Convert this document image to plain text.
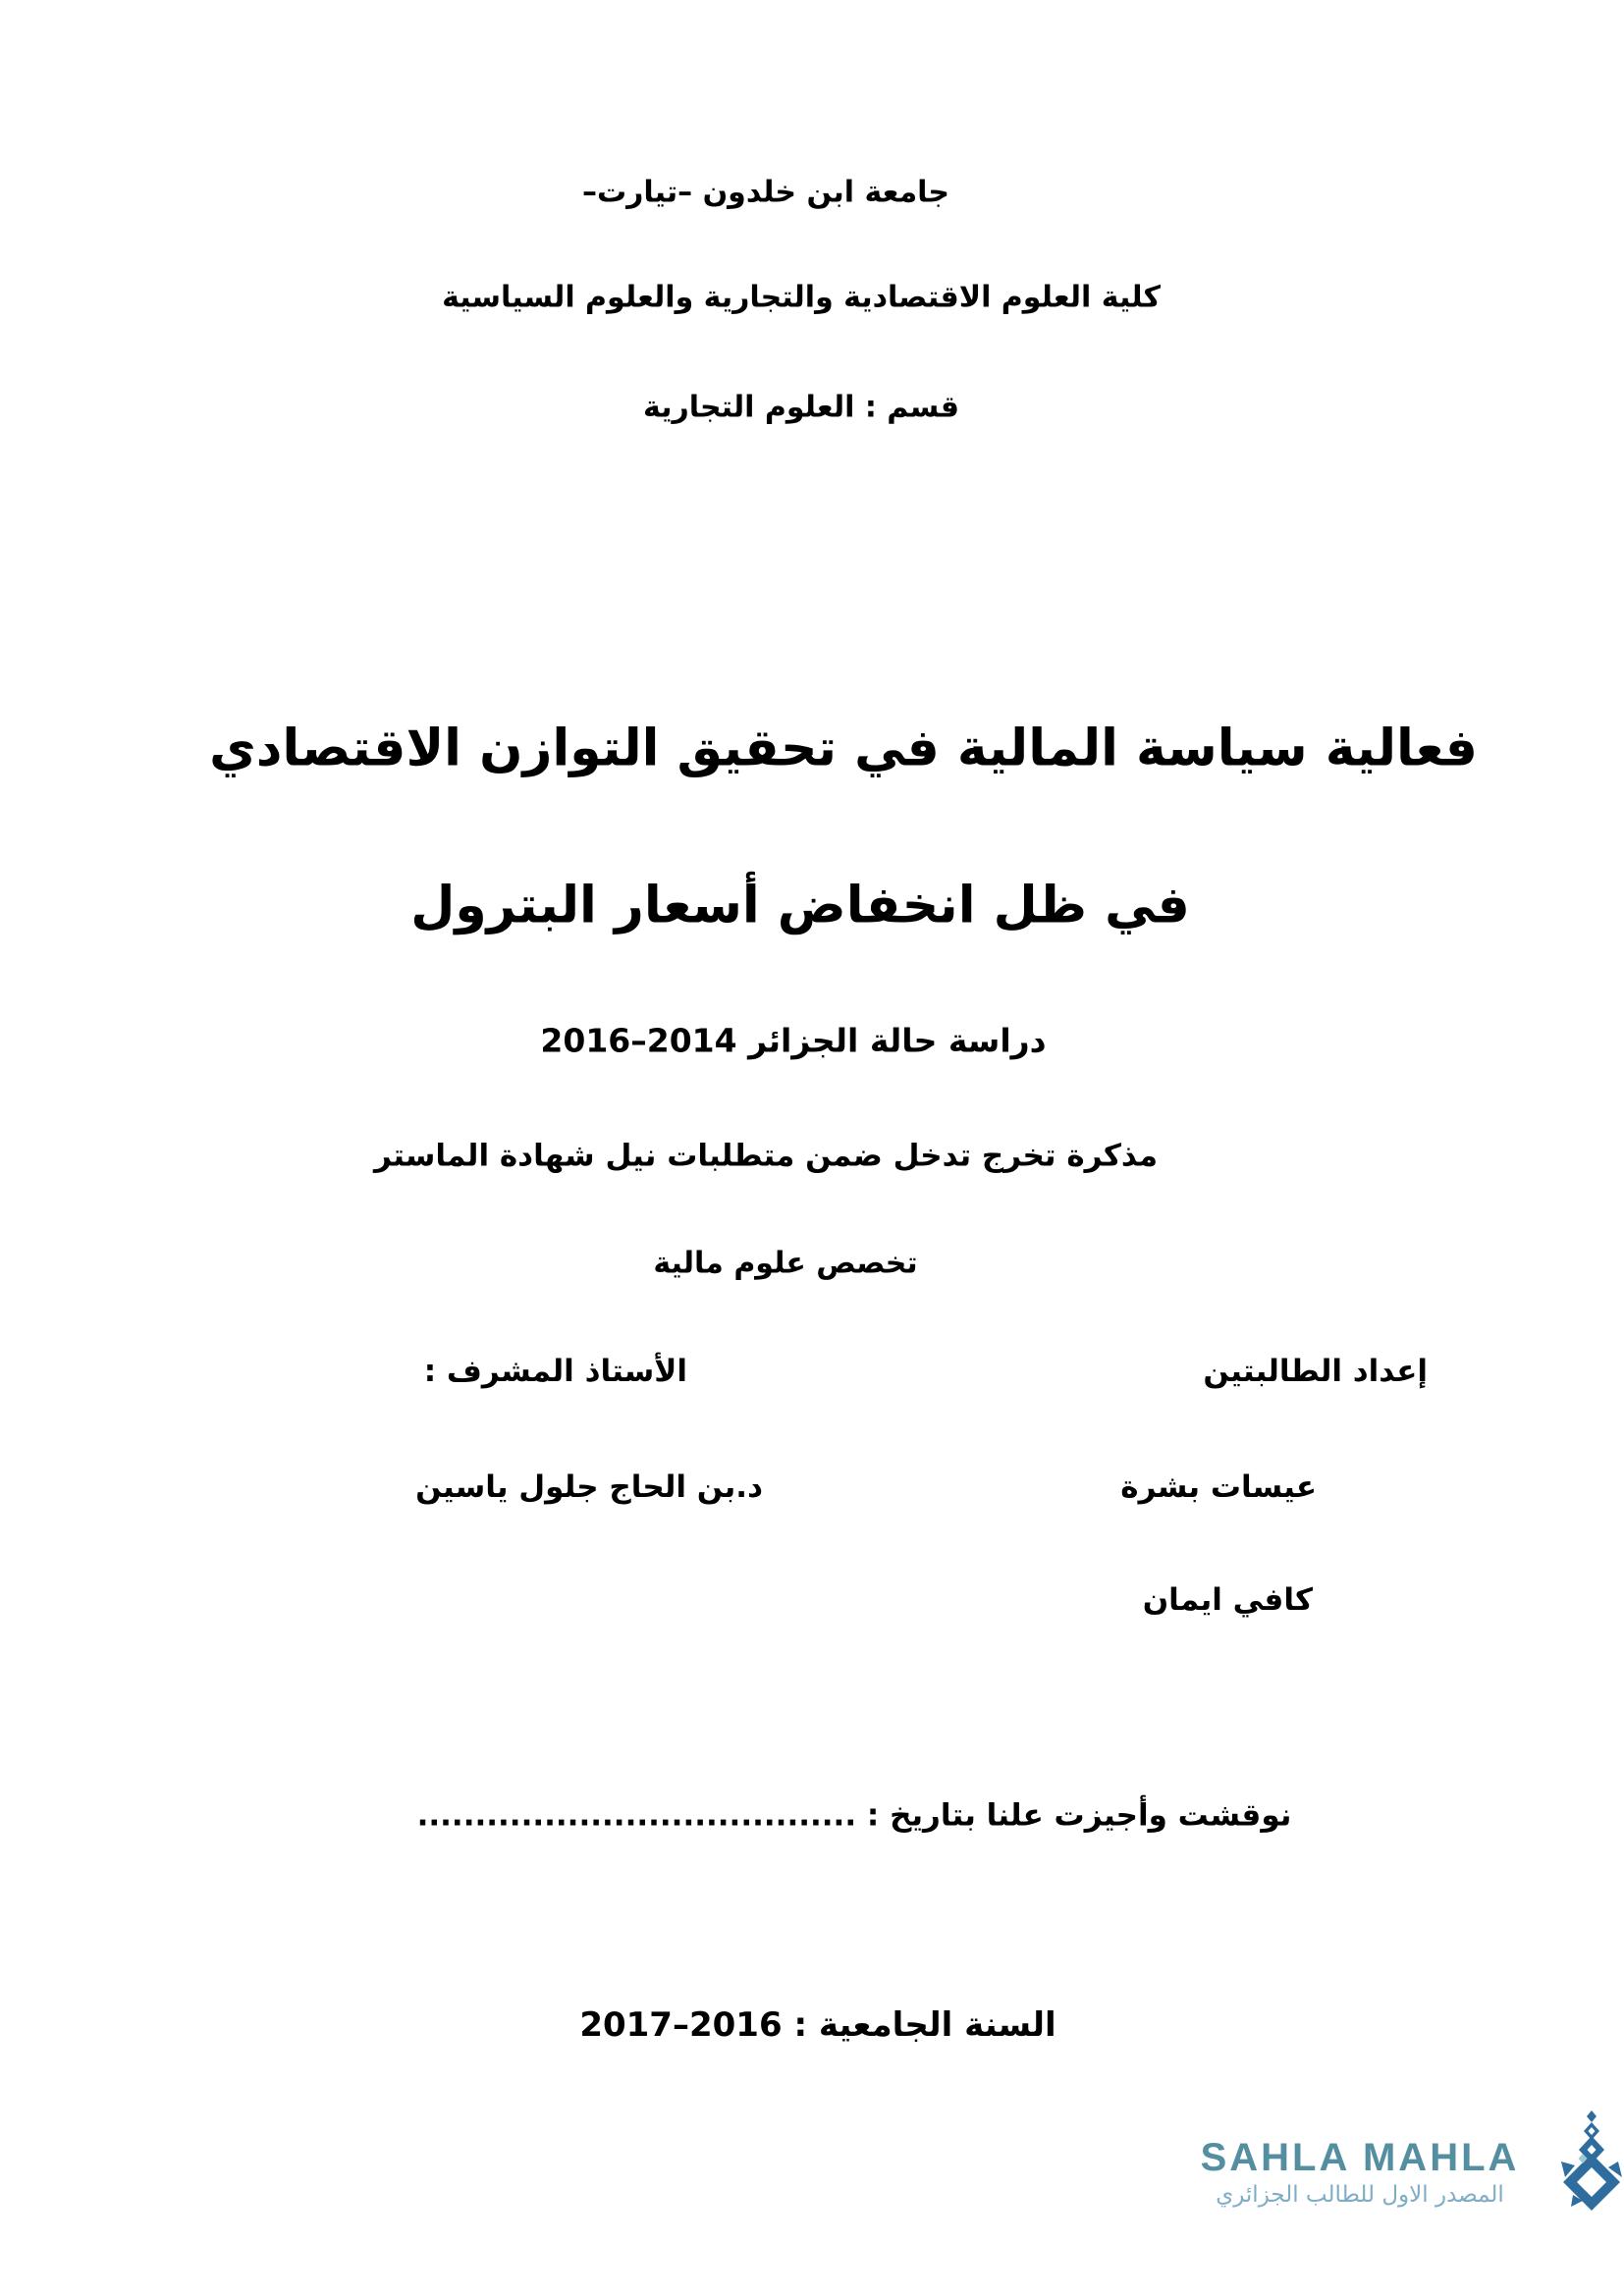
جامعة ابن خلدون –تيارت–
كلية العلوم الاقتصادية والتجارية والعلوم السياسية
قسم : العلوم التجارية
فعالية سياسة المالية في تحقيق التوازن الاقتصادي
في ظل انخفاض أسعار البترول
دراسة حالة الجزائر 2014–2016
مذكرة تخرج تدخل ضمن متطلبات نيل شهادة الماستر
تخصص علوم مالية
إعداد الطالبتين
الأستاذ المشرف :
عيسات بشرة
د.بن الحاج جلول ياسين
كافي ايمان
نوقشت وأجيزت علنا بتاريخ : ......................................
السنة الجامعية : 2016–2017
SAHLA MAHLA
المصدر الاول للطالب الجزائري
